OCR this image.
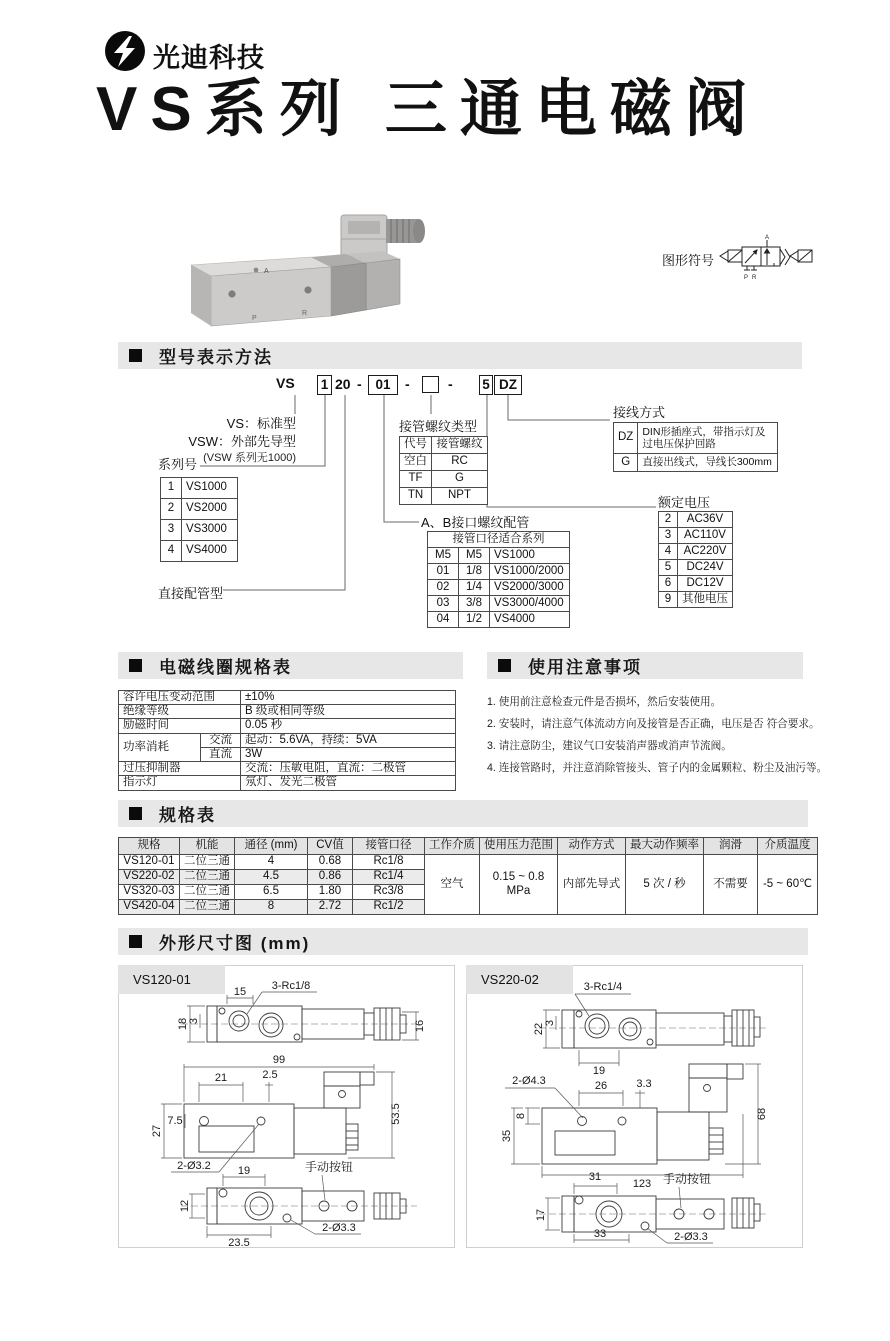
光迪科技
VS系列 三通电磁阀
A
P
R
图形符号
A
P R
型号表示方法
VS 1 20 -	01	-	- 5 DZ
VS：标准型
VSW：外部先导型
(VSW 系列无1000)
系列号
1	VS1000
2	VS2000
3	VS3000
4	VS4000
直接配管型
接管螺纹类型
代号	接管螺纹
空白	RC
TF	G
TN	NPT
A、B接口螺纹配管
接管口径适合系列		
M5	M5	VS1000
01	1/8	VS1000/2000
02	1/4	VS2000/3000
03	3/8	VS3000/4000
04	1/2	VS4000
接线方式
DZ	DIN形插座式，带指示灯及过电压保护回路
G	直接出线式，导线长300mm
额定电压
2	AC36V
3	AC110V
4	AC220V
5	DC24V
6	DC12V
9	其他电压
电磁线圈规格表	使用注意事项
容许电压变动范围		±10%
绝缘等级		B 级或相同等级
励磁时间		0.05 秒
功率消耗	交流	起动：5.6VA，持续：5VA
	直流	3W
过压抑制器		交流：压敏电阻，直流：二极管
指示灯		氖灯、发光二极管
1. 使用前注意检查元件是否损坏，然后安装使用。
2. 安装时，请注意气体流动方向及接管是否正确，电压是否 符合要求。
3. 请注意防尘，建议气口安装消声器或消声节流阀。
4. 连接管路时，并注意消除管接头、管子内的金属颗粒、粉尘及油污等。
规格表
规格	机能	通径 (mm)	CV值	接管口径	工作介质	使用压力范围	动作方式	最大动作频率	润滑	介质温度
VS120-01	二位三通	4	0.68	Rc1/8	空气	0.15 ~ 0.8 MPa	内部先导式	5 次 / 秒	不需要	-5 ~ 60℃
VS220-02	二位三通	4.5	0.86	Rc1/4						
VS320-03	二位三通	6.5	1.80	Rc3/8						
VS420-04	二位三通	8	2.72	Rc1/2						
外形尺寸图 (mm)
15 3-Rc1/8
18 3	16
99
21	2.5
27
7.5	53.5
2-Ø3.2 19
12
23.5
手动按钮
2-Ø3.3
VS120-01	3-Rc1/4
22 3
19
2-Ø4.3	26	3.3
8
35
68
123
31
17
33
手动按钮
2-Ø3.3
VS220-02
